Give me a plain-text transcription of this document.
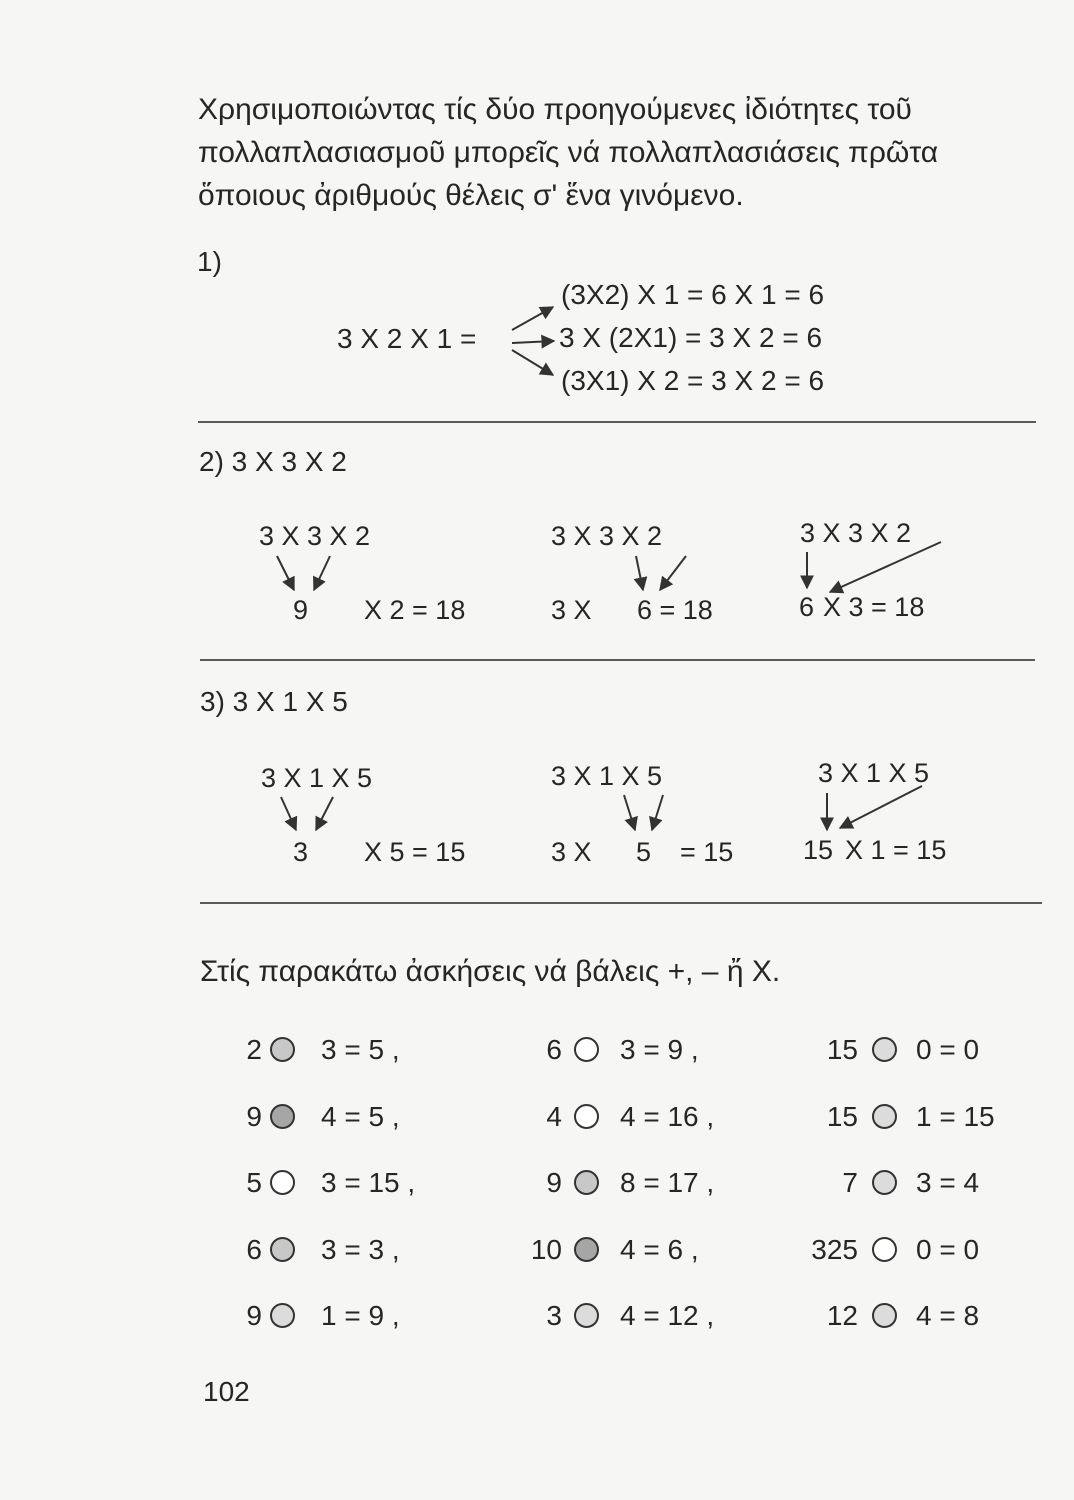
Χρησιμοποιώντας τίς δύο προηγούμενες ἰδιότητες τοῦ
πολλαπλασιασμοῦ μπορεῖς νά πολλαπλασιάσεις πρῶτα
ὅποιους ἀριθμούς θέλεις σ' ἕνα γινόμενο.
1)
3 X 2 X 1 =
(3X2) X 1 = 6 X 1 = 6
3 X (2X1) = 3 X 2 = 6
(3X1) X 2 = 3 X 2 = 6
2) 3 X 3 X 2
3 X 3 X 2
9 X 2 = 18
3 X 3 X 2
3 X 6 = 18
3 X 3 X 2
6 X 3 = 18
3) 3 X 1 X 5
3 X 1 X 5
3 X 5 = 15
3 X 1 X 5
3 X 5 = 15
3 X 1 X 5
15 X 1 = 15
Στίς παρακάτω ἀσκήσεις νά βάλεις +, – ἤ X.
2 3 = 5 ,
9 4 = 5 ,
5 3 = 15 ,
6 3 = 3 ,
9 1 = 9 ,
6 3 = 9 ,
4 4 = 16 ,
9 8 = 17 ,
10 4 = 6 ,
3 4 = 12 ,
15 0 = 0
15 1 = 15
7 3 = 4
325 0 = 0
12 4 = 8
102
